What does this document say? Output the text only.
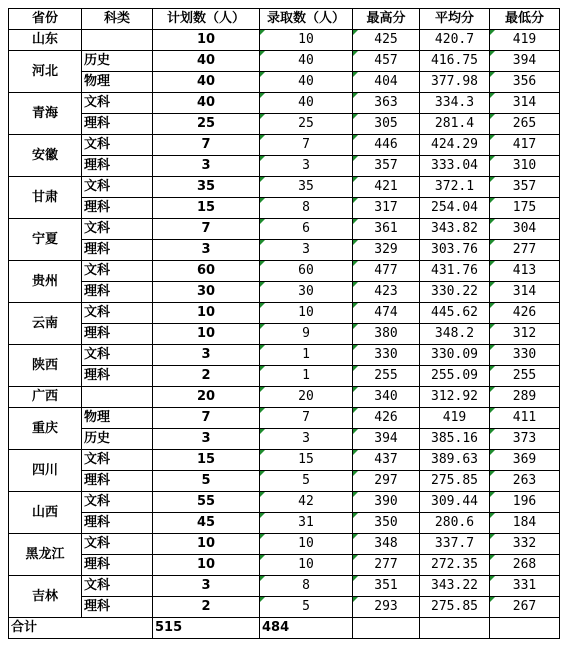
省份	科类	计划数（人）	录取数（人）	最高分	平均分	最低分
山东		10	10	425	420.7	419
河北	历史	40	40	457	416.75	394
	物理	40	40	404	377.98	356
青海	文科	40	40	363	334.3	314
	理科	25	25	305	281.4	265
安徽	文科	7	7	446	424.29	417
	理科	3	3	357	333.04	310
甘肃	文科	35	35	421	372.1	357
	理科	15	8	317	254.04	175
宁夏	文科	7	6	361	343.82	304
	理科	3	3	329	303.76	277
贵州	文科	60	60	477	431.76	413
	理科	30	30	423	330.22	314
云南	文科	10	10	474	445.62	426
	理科	10	9	380	348.2	312
陕西	文科	3	1	330	330.09	330
	理科	2	1	255	255.09	255
广西		20	20	340	312.92	289
重庆	物理	7	7	426	419	411
	历史	3	3	394	385.16	373
四川	文科	15	15	437	389.63	369
	理科	5	5	297	275.85	263
山西	文科	55	42	390	309.44	196
	理科	45	31	350	280.6	184
黑龙江	文科	10	10	348	337.7	332
	理科	10	10	277	272.35	268
吉林	文科	3	8	351	343.22	331
	理科	2	5	293	275.85	267
合计		515	484			
